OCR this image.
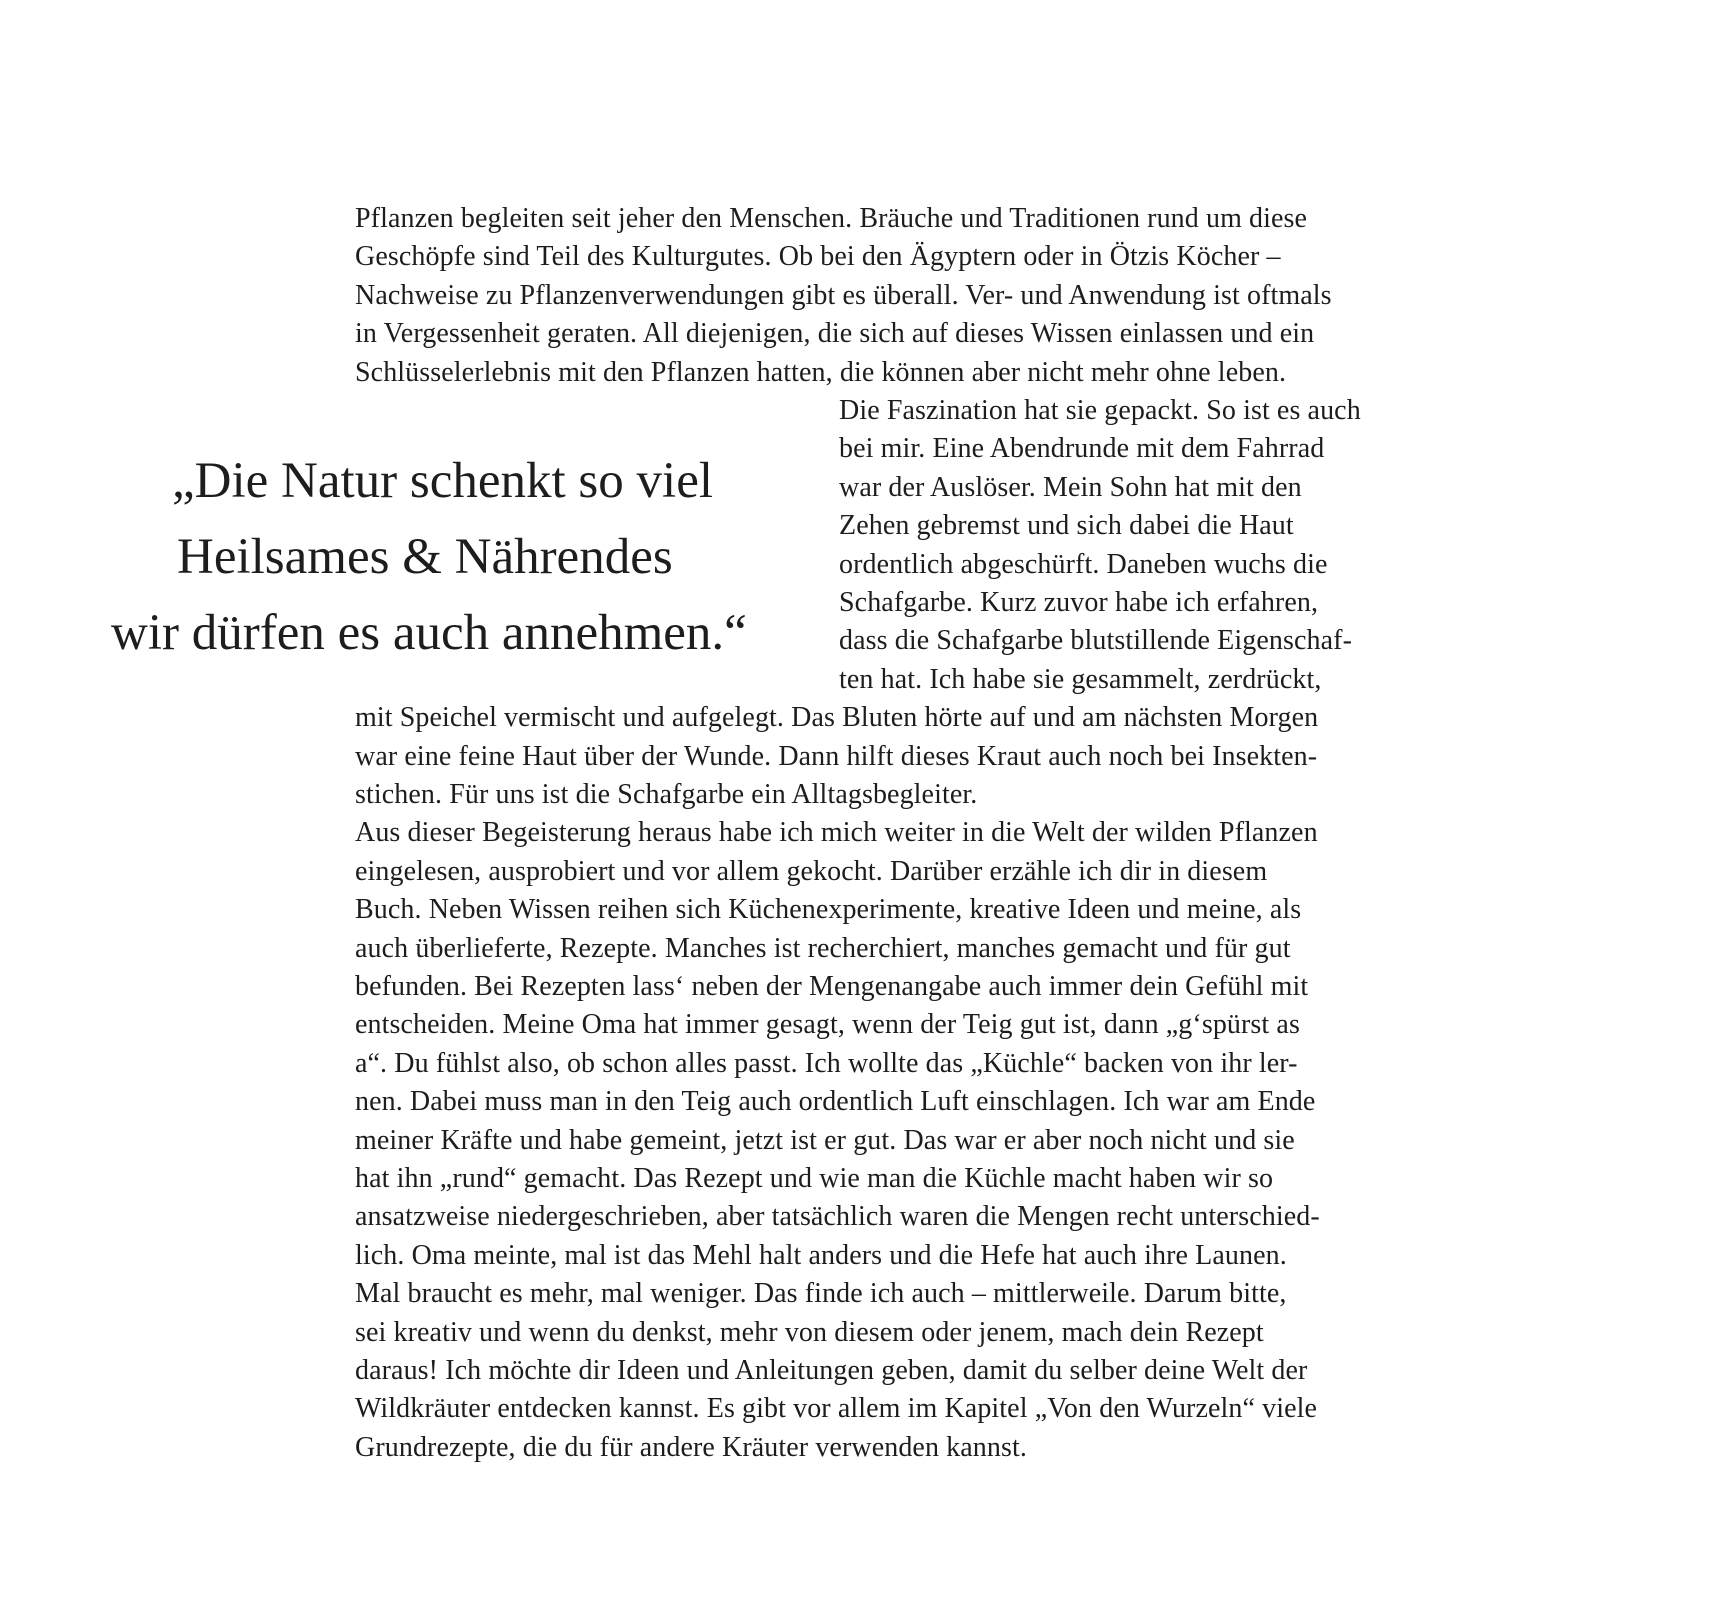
„Die Natur schenkt so viel
Heilsames & Nährendes
wir dürfen es auch annehmen.“
Pflanzen begleiten seit jeher den Menschen. Bräuche und Traditionen rund um diese
Geschöpfe sind Teil des Kulturgutes. Ob bei den Ägyptern oder in Ötzis Köcher –
Nachweise zu Pflanzenverwendungen gibt es überall. Ver- und Anwendung ist oftmals
in Vergessenheit geraten. All diejenigen, die sich auf dieses Wissen einlassen und ein
Schlüsselerlebnis mit den Pflanzen hatten, die können aber nicht mehr ohne leben.
Die Faszination hat sie gepackt. So ist es auch
bei mir. Eine Abendrunde mit dem Fahrrad
war der Auslöser. Mein Sohn hat mit den
Zehen gebremst und sich dabei die Haut
ordentlich abgeschürft. Daneben wuchs die
Schafgarbe. Kurz zuvor habe ich erfahren,
dass die Schafgarbe blutstillende Eigenschaf-
ten hat. Ich habe sie gesammelt, zerdrückt,
mit Speichel vermischt und aufgelegt. Das Bluten hörte auf und am nächsten Morgen
war eine feine Haut über der Wunde. Dann hilft dieses Kraut auch noch bei Insekten-
stichen. Für uns ist die Schafgarbe ein Alltagsbegleiter.
Aus dieser Begeisterung heraus habe ich mich weiter in die Welt der wilden Pflanzen
eingelesen, ausprobiert und vor allem gekocht. Darüber erzähle ich dir in diesem
Buch. Neben Wissen reihen sich Küchenexperimente, kreative Ideen und meine, als
auch überlieferte, Rezepte. Manches ist recherchiert, manches gemacht und für gut
befunden. Bei Rezepten lass‘ neben der Mengenangabe auch immer dein Gefühl mit
entscheiden. Meine Oma hat immer gesagt, wenn der Teig gut ist, dann „g‘spürst as
a“. Du fühlst also, ob schon alles passt. Ich wollte das „Küchle“ backen von ihr ler-
nen. Dabei muss man in den Teig auch ordentlich Luft einschlagen. Ich war am Ende
meiner Kräfte und habe gemeint, jetzt ist er gut. Das war er aber noch nicht und sie
hat ihn „rund“ gemacht. Das Rezept und wie man die Küchle macht haben wir so
ansatzweise niedergeschrieben, aber tatsächlich waren die Mengen recht unterschied-
lich. Oma meinte, mal ist das Mehl halt anders und die Hefe hat auch ihre Launen.
Mal braucht es mehr, mal weniger. Das finde ich auch – mittlerweile. Darum bitte,
sei kreativ und wenn du denkst, mehr von diesem oder jenem, mach dein Rezept
daraus! Ich möchte dir Ideen und Anleitungen geben, damit du selber deine Welt der
Wildkräuter entdecken kannst. Es gibt vor allem im Kapitel „Von den Wurzeln“ viele
Grundrezepte, die du für andere Kräuter verwenden kannst.
